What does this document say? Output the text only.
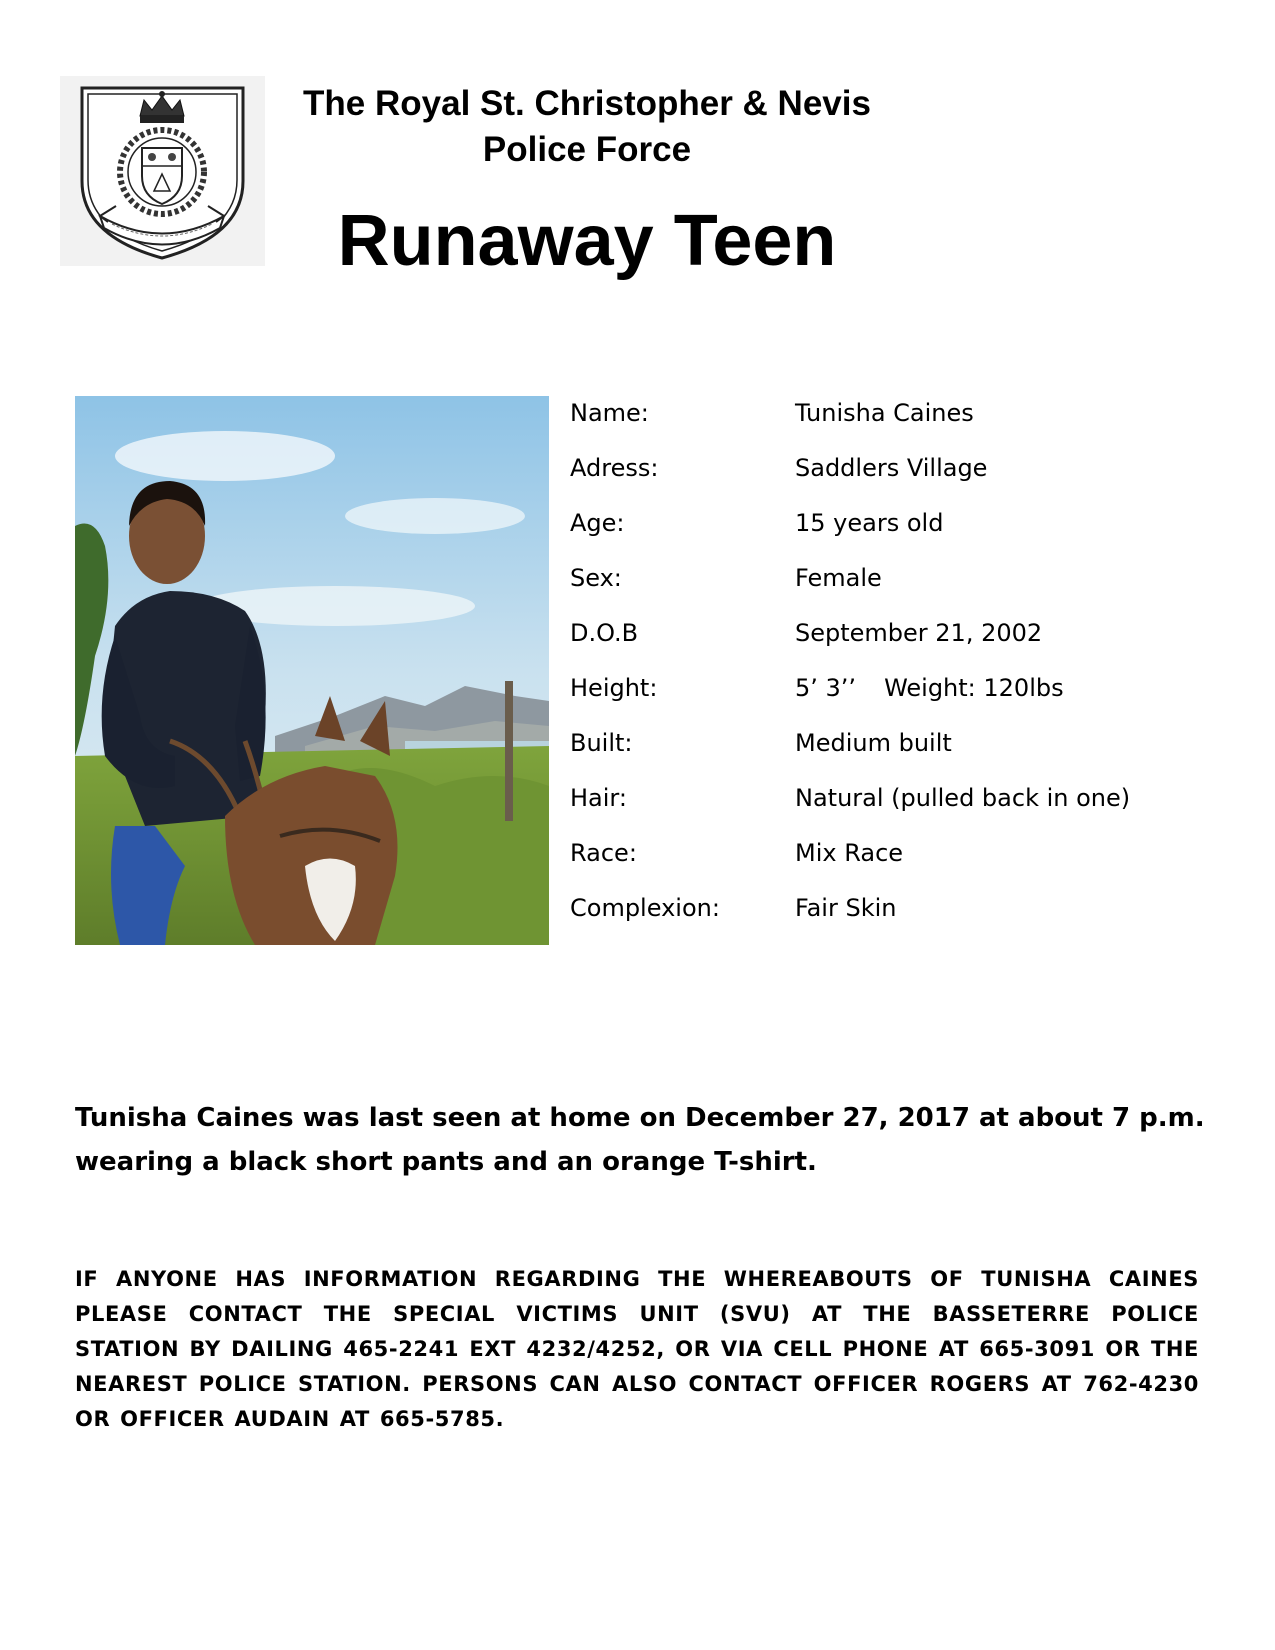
The Royal St. Christopher & Nevis
Police Force
Runaway Teen
Name:	Tunisha Caines
Adress:	Saddlers Village
Age:	15 years old
Sex:	Female
D.O.B	September 21, 2002
Height:	5’ 3’’ Weight: 120lbs
Built:	Medium built
Hair:	Natural (pulled back in one)
Race:	Mix Race
Complexion:	Fair Skin
Tunisha Caines was last seen at home on December 27, 2017 at about 7 p.m.
wearing a black short pants and an orange T-shirt.
IF ANYONE HAS INFORMATION REGARDING THE WHEREABOUTS OF TUNISHA CAINES PLEASE CONTACT THE SPECIAL VICTIMS UNIT (SVU) AT THE BASSETERRE POLICE STATION BY DAILING 465-2241 EXT 4232/4252, OR VIA CELL PHONE AT 665-3091 OR THE NEAREST POLICE STATION. PERSONS CAN ALSO CONTACT OFFICER ROGERS AT 762-4230 OR OFFICER AUDAIN AT 665-5785.
